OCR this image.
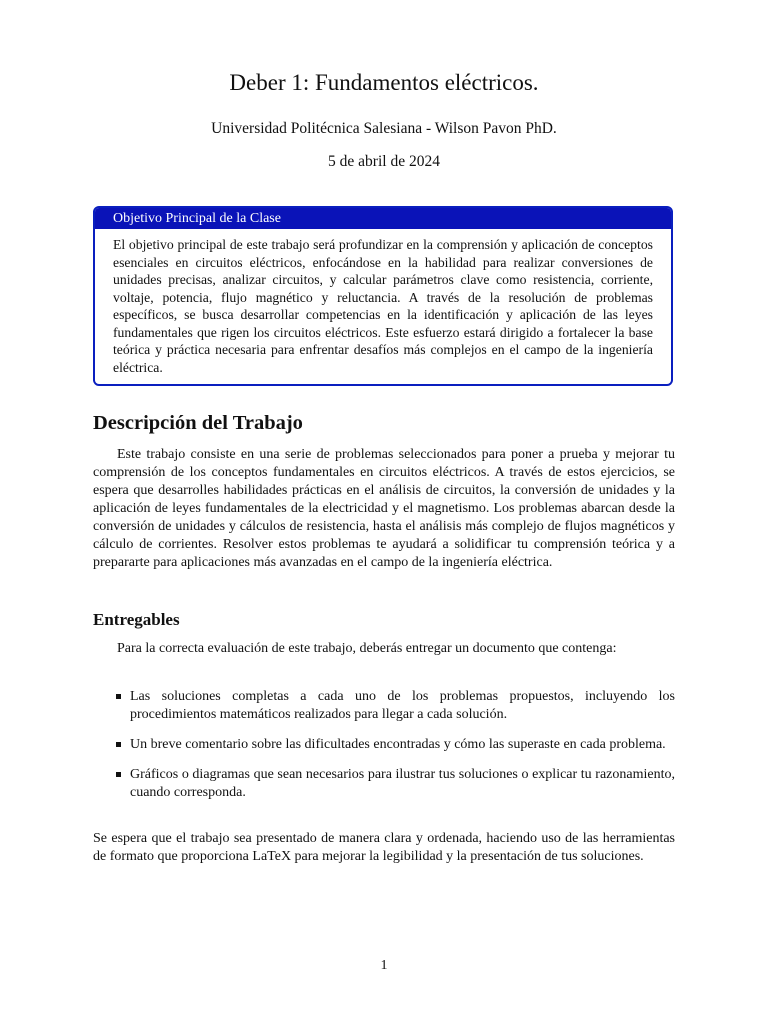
Deber 1: Fundamentos eléctricos.
Universidad Politécnica Salesiana - Wilson Pavon PhD.
5 de abril de 2024
Objetivo Principal de la Clase
El objetivo principal de este trabajo será profundizar en la comprensión y aplicación de conceptos esenciales en circuitos eléctricos, enfocándose en la habilidad para realizar conversiones de unidades precisas, analizar circuitos, y calcular parámetros clave como resistencia, corriente, voltaje, potencia, flujo magnético y reluctancia. A través de la resolución de problemas específicos, se busca desarrollar competencias en la identificación y aplicación de las leyes fundamentales que rigen los circuitos eléctricos. Este esfuerzo estará dirigido a fortalecer la base teórica y práctica necesaria para enfrentar desafíos más complejos en el campo de la ingeniería eléctrica.
Descripción del Trabajo
Este trabajo consiste en una serie de problemas seleccionados para poner a prueba y mejorar tu comprensión de los conceptos fundamentales en circuitos eléctricos. A través de estos ejercicios, se espera que desarrolles habilidades prácticas en el análisis de circuitos, la conversión de unidades y la aplicación de leyes fundamentales de la electricidad y el magnetismo. Los problemas abarcan desde la conversión de unidades y cálculos de resistencia, hasta el análisis más complejo de flujos magnéticos y cálculo de corrientes. Resolver estos problemas te ayudará a solidificar tu comprensión teórica y a prepararte para aplicaciones más avanzadas en el campo de la ingeniería eléctrica.
Entregables
Para la correcta evaluación de este trabajo, deberás entregar un documento que contenga:
Las soluciones completas a cada uno de los problemas propuestos, incluyendo los procedimientos matemáticos realizados para llegar a cada solución.
Un breve comentario sobre las dificultades encontradas y cómo las superaste en cada problema.
Gráficos o diagramas que sean necesarios para ilustrar tus soluciones o explicar tu razonamiento, cuando corresponda.
Se espera que el trabajo sea presentado de manera clara y ordenada, haciendo uso de las herramientas de formato que proporciona LaTeX para mejorar la legibilidad y la presentación de tus soluciones.
1
